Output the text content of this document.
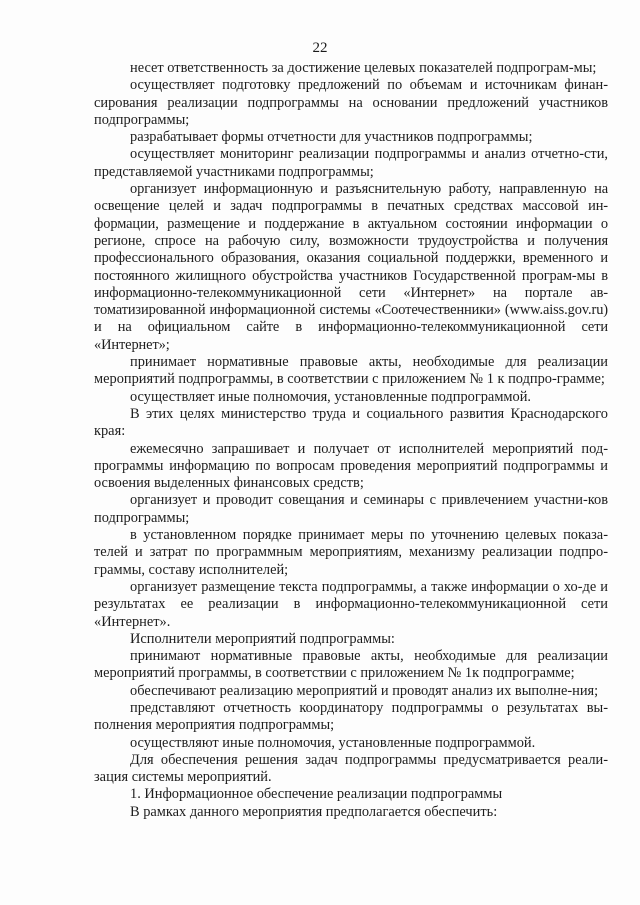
22

несет ответственность за достижение целевых показателей подпрограм-мы;

осуществляет подготовку предложений по объемам и источникам финан-сирования реализации подпрограммы на основании предложений участников подпрограммы;

разрабатывает формы отчетности для участников подпрограммы;

осуществляет мониторинг реализации подпрограммы и анализ отчетно-сти, представляемой участниками подпрограммы;

организует информационную и разъяснительную работу, направленную на освещение целей и задач подпрограммы в печатных средствах массовой ин-формации, размещение и поддержание в актуальном состоянии информации о регионе, спросе на рабочую силу, возможности трудоустройства и получения профессионального образования, оказания социальной поддержки, временного и постоянного жилищного обустройства участников Государственной програм-мы в информационно-телекоммуникационной сети «Интернет» на портале ав-томатизированной информационной системы «Соотечественники» (www.aiss.gov.ru) и на официальном сайте в информационно-телекоммуникационной сети «Интернет»;

принимает нормативные правовые акты, необходимые для реализации мероприятий подпрограммы, в соответствии с приложением № 1 к подпро-грамме;

осуществляет иные полномочия, установленные подпрограммой.

В этих целях министерство труда и социального развития Краснодарского края:

ежемесячно запрашивает и получает от исполнителей мероприятий под-программы информацию по вопросам проведения мероприятий подпрограммы и освоения выделенных финансовых средств;

организует и проводит совещания и семинары с привлечением участни-ков подпрограммы;

в установленном порядке принимает меры по уточнению целевых показа-телей и затрат по программным мероприятиям, механизму реализации подпро-граммы, составу исполнителей;

организует размещение текста подпрограммы, а также информации о хо-де и результатах ее реализации в информационно-телекоммуникационной сети «Интернет».

Исполнители мероприятий подпрограммы:

принимают нормативные правовые акты, необходимые для реализации мероприятий программы, в соответствии с приложением № 1к подпрограмме;

обеспечивают реализацию мероприятий и проводят анализ их выполне-ния;

представляют отчетность координатору подпрограммы о результатах вы-полнения мероприятия подпрограммы;

осуществляют иные полномочия, установленные подпрограммой.

Для обеспечения решения задач подпрограммы предусматривается реали-зация системы мероприятий.

1. Информационное обеспечение реализации подпрограммы

В рамках данного мероприятия предполагается обеспечить:
